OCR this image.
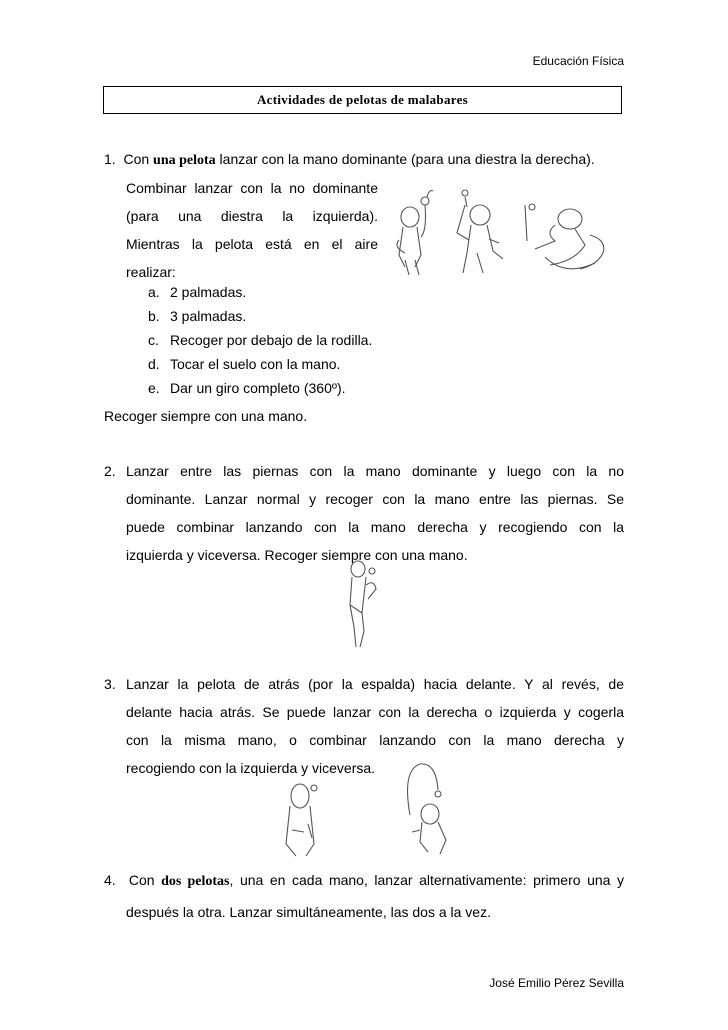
Educación Física
Actividades de pelotas de malabares
1. Con una pelota lanzar con la mano dominante (para una diestra la derecha).
Combinar lanzar con la no dominante
(para una diestra la izquierda).
Mientras la pelota está en el aire
realizar:
a. 2 palmadas.
b. 3 palmadas.
c. Recoger por debajo de la rodilla.
d. Tocar el suelo con la mano.
e. Dar un giro completo (360º).
Recoger siempre con una mano.
2. Lanzar entre las piernas con la mano dominante y luego con la no
dominante. Lanzar normal y recoger con la mano entre las piernas. Se
puede combinar lanzando con la mano derecha y recogiendo con la
izquierda y viceversa. Recoger siempre con una mano.
3. Lanzar la pelota de atrás (por la espalda) hacia delante. Y al revés, de
delante hacia atrás. Se puede lanzar con la derecha o izquierda y cogerla
con la misma mano, o combinar lanzando con la mano derecha y
recogiendo con la izquierda y viceversa.
4. Con dos pelotas, una en cada mano, lanzar alternativamente: primero una y
después la otra. Lanzar simultáneamente, las dos a la vez.
José Emilio Pérez Sevilla
